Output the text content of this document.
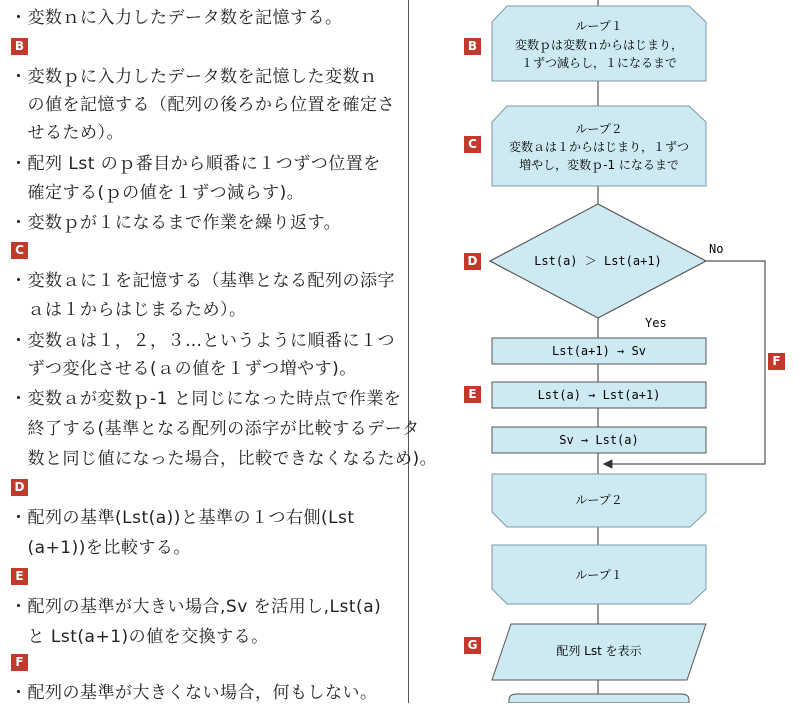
・変数ｎに入力したデータ数を記憶する。
B
・変数ｐに入力したデータ数を記憶した変数ｎ
　の値を記憶する（配列の後ろから位置を確定さ
　せるため）。
・配列 Lst のｐ番目から順番に１つずつ位置を
　確定する(ｐの値を１ずつ減らす)。
・変数ｐが１になるまで作業を繰り返す。
C
・変数ａに１を記憶する（基準となる配列の添字
　ａは１からはじまるため）。
・変数ａは１，２，３…というように順番に１つ
　ずつ変化させる(ａの値を１ずつ増やす)。
・変数ａが変数ｐ-1 と同じになった時点で作業を
　終了する(基準となる配列の添字が比較するデータ
　数と同じ値になった場合，比較できなくなるため)。
D
・配列の基準(Lst(a))と基準の１つ右側(Lst
　(a+1))を比較する。
E
・配列の基準が大きい場合,Sv を活用し,Lst(a)
　と Lst(a+1)の値を交換する。
F
・配列の基準が大きくない場合，何もしない。
ループ１
変数ｐは変数ｎからはじまり，
１ずつ減らし，１になるまで
ループ２
変数ａは１からはじまり，１ずつ
増やし，変数ｐ-1 になるまで
Lst(a) ＞ Lst(a+1)
No
Yes
Lst(a+1) → Sv
Lst(a) → Lst(a+1)
Sv → Lst(a)
ループ２
ループ１
配列 Lst を表示
B
C
D
E
F
G
